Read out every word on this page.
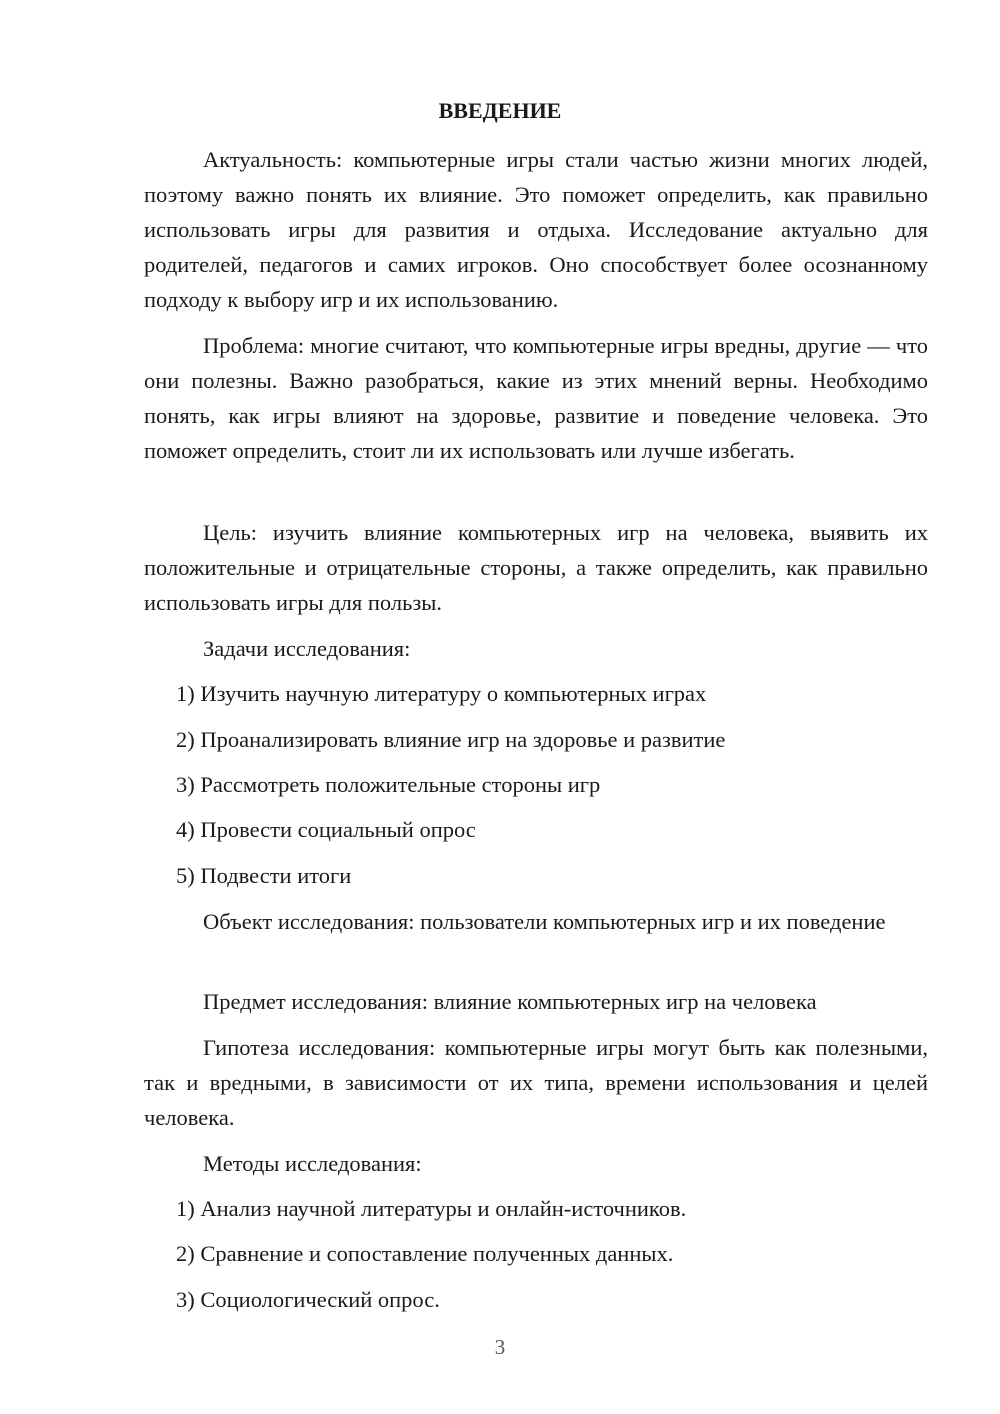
ВВЕДЕНИЕ

Актуальность: компьютерные игры стали частью жизни многих людей, поэтому важно понять их влияние. Это поможет определить, как правильно использовать игры для развития и отдыха. Исследование актуально для родителей, педагогов и самих игроков. Оно способствует более осознанному подходу к выбору игр и их использованию.

Проблема: многие считают, что компьютерные игры вредны, другие — что они полезны. Важно разобраться, какие из этих мнений верны. Необходимо понять, как игры влияют на здоровье, развитие и поведение человека. Это поможет определить, стоит ли их использовать или лучше избегать.

Цель: изучить влияние компьютерных игр на человека, выявить их положительные и отрицательные стороны, а также определить, как правильно использовать игры для пользы.

Задачи исследования:

1) Изучить научную литературу о компьютерных играх

2) Проанализировать влияние игр на здоровье и развитие

3) Рассмотреть положительные стороны игр

4) Провести социальный опрос

5) Подвести итоги

Объект исследования: пользователи компьютерных игр и их поведение

Предмет исследования: влияние компьютерных игр на человека

Гипотеза исследования: компьютерные игры могут быть как полезными, так и вредными, в зависимости от их типа, времени использования и целей человека.

Методы исследования:

1) Анализ научной литературы и онлайн-источников.

2) Сравнение и сопоставление полученных данных.

3) Социологический опрос.

3
